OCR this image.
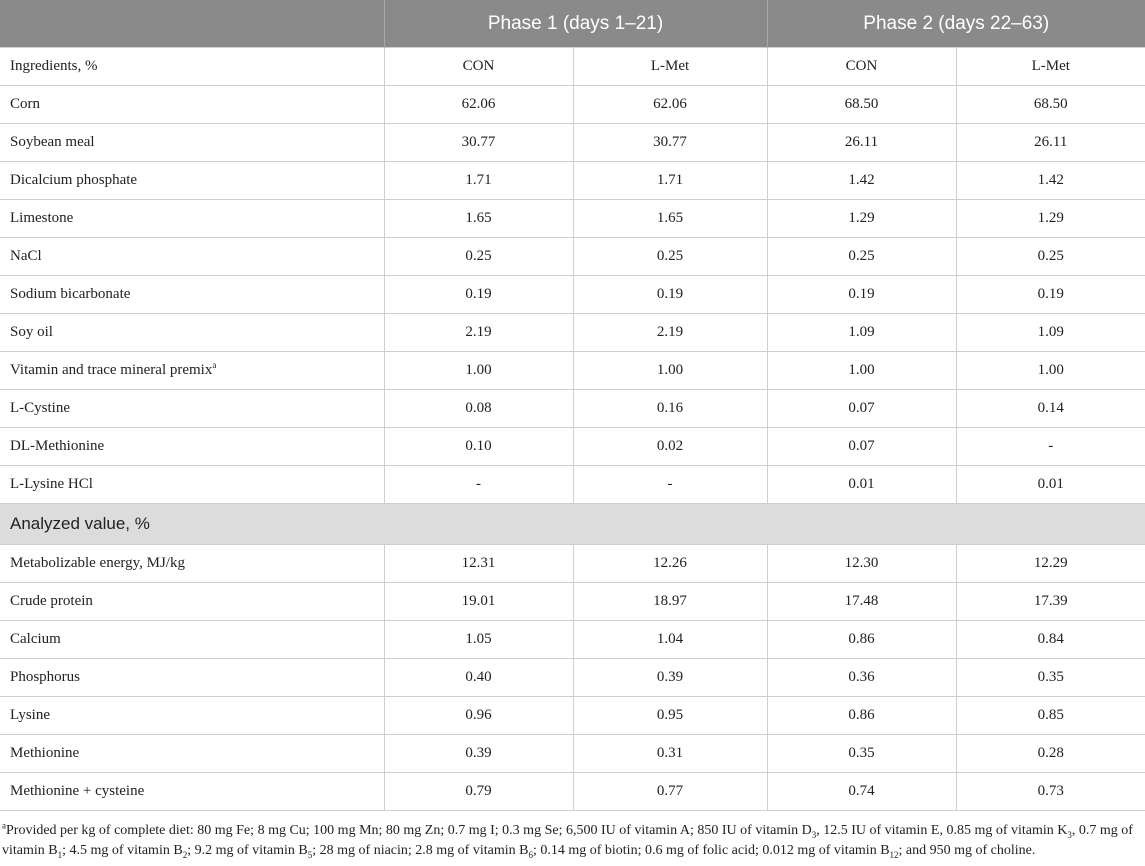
	Phase 1 (days 1–21)		Phase 2 (days 22–63)	
Ingredients, %	CON	L-Met	CON	L-Met
Corn	62.06	62.06	68.50	68.50
Soybean meal	30.77	30.77	26.11	26.11
Dicalcium phosphate	1.71	1.71	1.42	1.42
Limestone	1.65	1.65	1.29	1.29
NaCl	0.25	0.25	0.25	0.25
Sodium bicarbonate	0.19	0.19	0.19	0.19
Soy oil	2.19	2.19	1.09	1.09
Vitamin and trace mineral premix$^a$	1.00	1.00	1.00	1.00
L-Cystine	0.08	0.16	0.07	0.14
DL-Methionine	0.10	0.02	0.07	-
L-Lysine HCl	-	-	0.01	0.01
Analyzed value, %				
Metabolizable energy, MJ/kg	12.31	12.26	12.30	12.29
Crude protein	19.01	18.97	17.48	17.39
Calcium	1.05	1.04	0.86	0.84
Phosphorus	0.40	0.39	0.36	0.35
Lysine	0.96	0.95	0.86	0.85
Methionine	0.39	0.31	0.35	0.28
Methionine + cysteine	0.79	0.77	0.74	0.73

$^a$Provided per kg of complete diet: 80 mg Fe; 8 mg Cu; 100 mg Mn; 80 mg Zn; 0.7 mg I; 0.3 mg Se; 6,500 IU of vitamin A; 850 IU of vitamin $D_3$, 12.5 IU of vitamin E, 0.85 mg of vitamin $K_3$, 0.7 mg of vitamin $B_1$; 4.5 mg of vitamin $B_2$; 9.2 mg of vitamin $B_5$; 28 mg of niacin; 2.8 mg of vitamin $B_6$; 0.14 mg of biotin; 0.6 mg of folic acid; 0.012 mg of vitamin $B_{12}$; and 950 mg of choline.
